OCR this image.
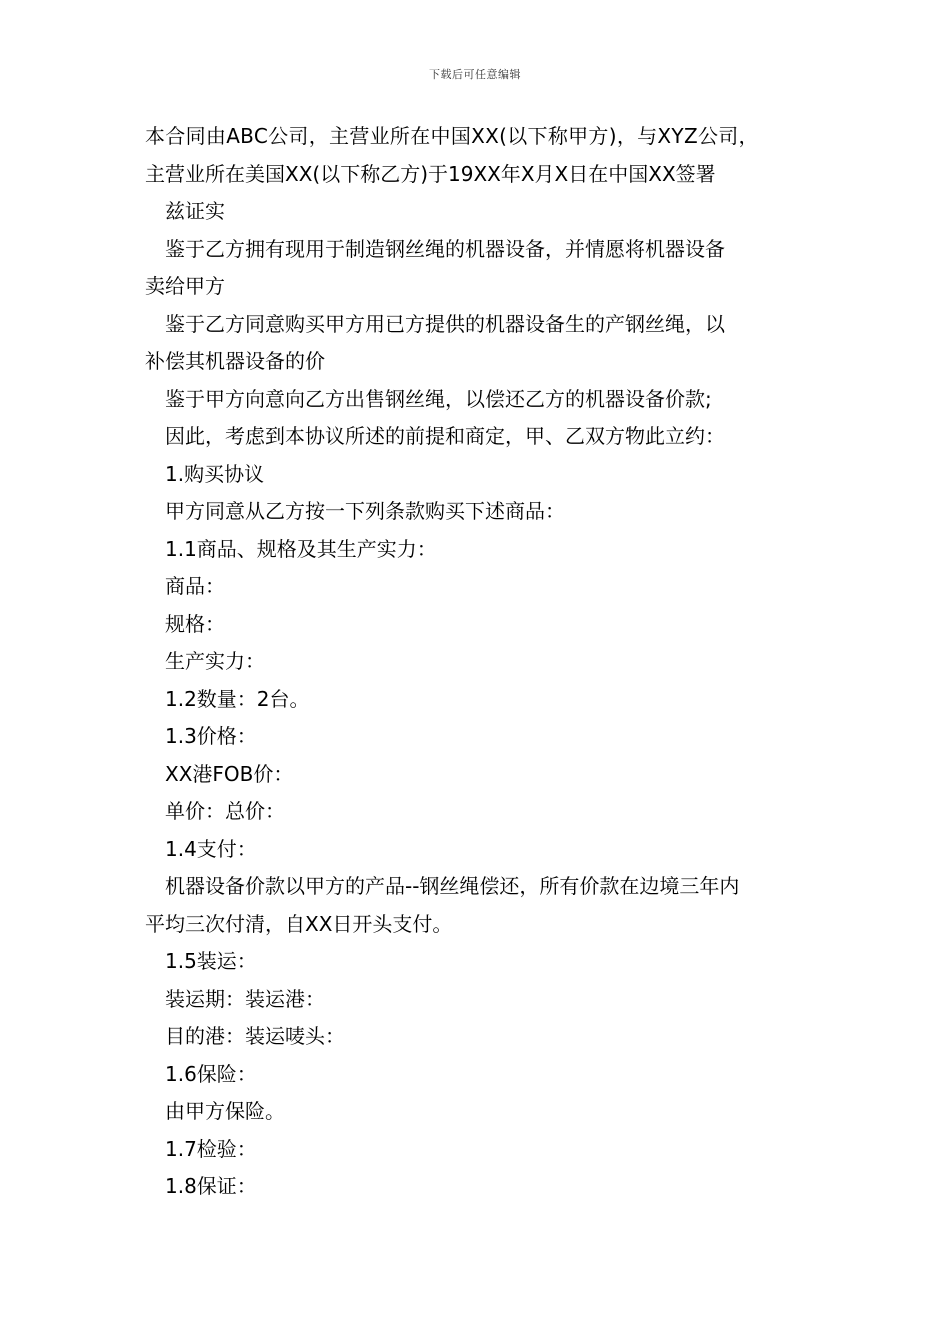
下载后可任意编辑
本合同由ABC公司，主营业所在中国XX(以下称甲方)，与XYZ公司，
主营业所在美国XX(以下称乙方)于19XX年X月X日在中国XX签署
兹证实
鉴于乙方拥有现用于制造钢丝绳的机器设备，并情愿将机器设备
卖给甲方
鉴于乙方同意购买甲方用已方提供的机器设备生的产钢丝绳，以
补偿其机器设备的价
鉴于甲方向意向乙方出售钢丝绳，以偿还乙方的机器设备价款;
因此，考虑到本协议所述的前提和商定，甲、乙双方物此立约：
1.购买协议
甲方同意从乙方按一下列条款购买下述商品：
1.1商品、规格及其生产实力：
商品：
规格：
生产实力：
1.2数量：2台。
1.3价格：
XX港FOB价：
单价：总价：
1.4支付：
机器设备价款以甲方的产品--钢丝绳偿还，所有价款在边境三年内
平均三次付清，自XX日开头支付。
1.5装运：
装运期：装运港：
目的港：装运唛头：
1.6保险：
由甲方保险。
1.7检验：
1.8保证：
